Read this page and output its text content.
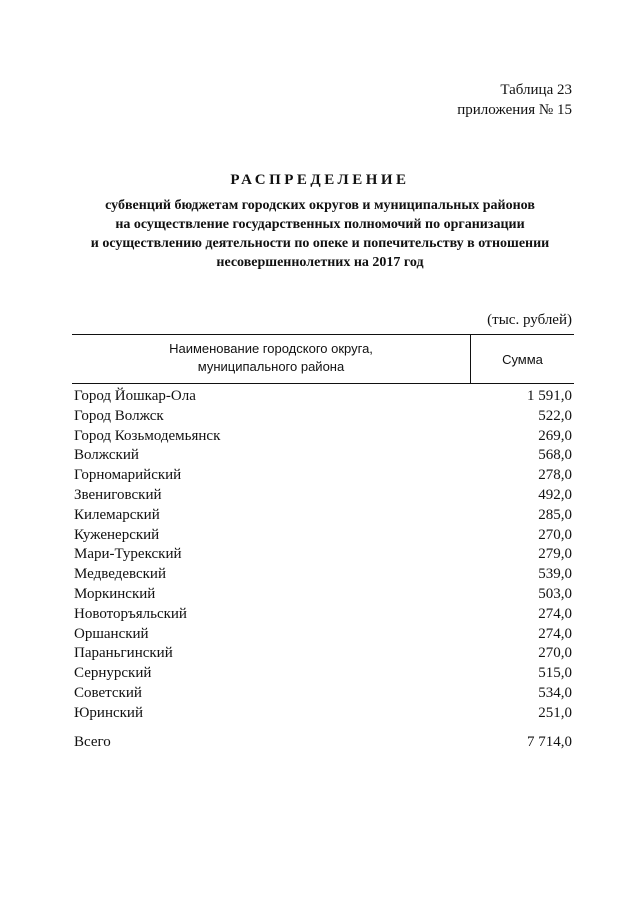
Таблица 23
приложения № 15
РАСПРЕДЕЛЕНИЕ
субвенций бюджетам городских округов и муниципальных районов
на осуществление государственных полномочий по организации
и осуществлению деятельности по опеке и попечительству в отношении
несовершеннолетних на 2017 год
(тыс. рублей)
Наименование городского округа,
муниципального района	Сумма
Город Йошкар-Ола	1 591,0
Город Волжск	522,0
Город Козьмодемьянск	269,0
Волжский	568,0
Горномарийский	278,0
Звениговский	492,0
Килемарский	285,0
Куженерский	270,0
Мари-Турекский	279,0
Медведевский	539,0
Моркинский	503,0
Новоторъяльский	274,0
Оршанский	274,0
Параньгинский	270,0
Сернурский	515,0
Советский	534,0
Юринский	251,0
Всего	7 714,0
